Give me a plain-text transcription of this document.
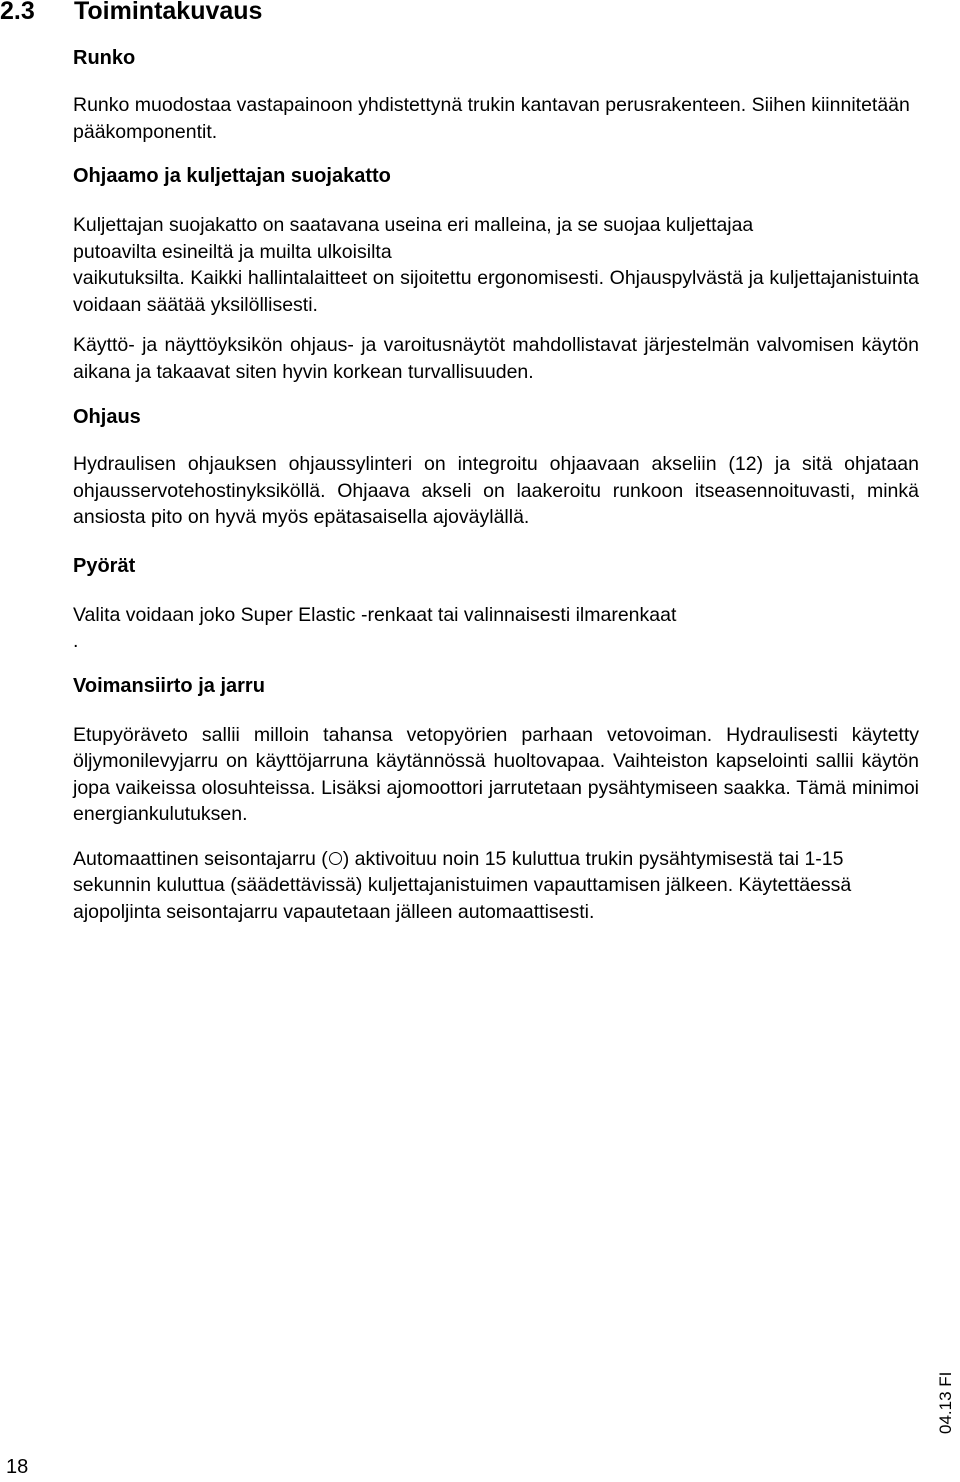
2.3 Toimintakuvaus
Runko

Runko muodostaa vastapainoon yhdistettynä trukin kantavan perusrakenteen. Siihen kiinnitetään pääkomponentit.

Ohjaamo ja kuljettajan suojakatto

Kuljettajan suojakatto on saatavana useina eri malleina, ja se suojaa kuljettajaa

putoavilta esineiltä ja muilta ulkoisilta

vaikutuksilta. Kaikki hallintalaitteet on sijoitettu ergonomisesti. Ohjauspylvästä ja kuljettajanistuinta voidaan säätää yksilöllisesti.

Käyttö- ja näyttöyksikön ohjaus- ja varoitusnäytöt mahdollistavat järjestelmän valvomisen käytön aikana ja takaavat siten hyvin korkean turvallisuuden.

Ohjaus

Hydraulisen ohjauksen ohjaussylinteri on integroitu ohjaavaan akseliin (12) ja sitä ohjataan ohjausservotehostinyksiköllä. Ohjaava akseli on laakeroitu runkoon itseasennoituvasti, minkä ansiosta pito on hyvä myös epätasaisella ajoväylällä.

Pyörät

Valita voidaan joko Super Elastic -renkaat tai valinnaisesti ilmarenkaat

.

Voimansiirto ja jarru

Etupyöräveto sallii milloin tahansa vetopyörien parhaan vetovoiman. Hydraulisesti käytetty öljymonilevyjarru on käyttöjarruna käytännössä huoltovapaa. Vaihteiston kapselointi sallii käytön jopa vaikeissa olosuhteissa. Lisäksi ajomoottori jarrutetaan pysähtymiseen saakka. Tämä minimoi energiankulutuksen.

Automaattinen seisontajarru ( ) aktivoituu noin 15 kuluttua trukin pysähtymisestä tai 1-15 sekunnin kuluttua (säädettävissä) kuljettajanistuimen vapauttamisen jälkeen. Käytettäessä ajopoljinta seisontajarru vapautetaan jälleen automaattisesti.

04.13 FI
18
